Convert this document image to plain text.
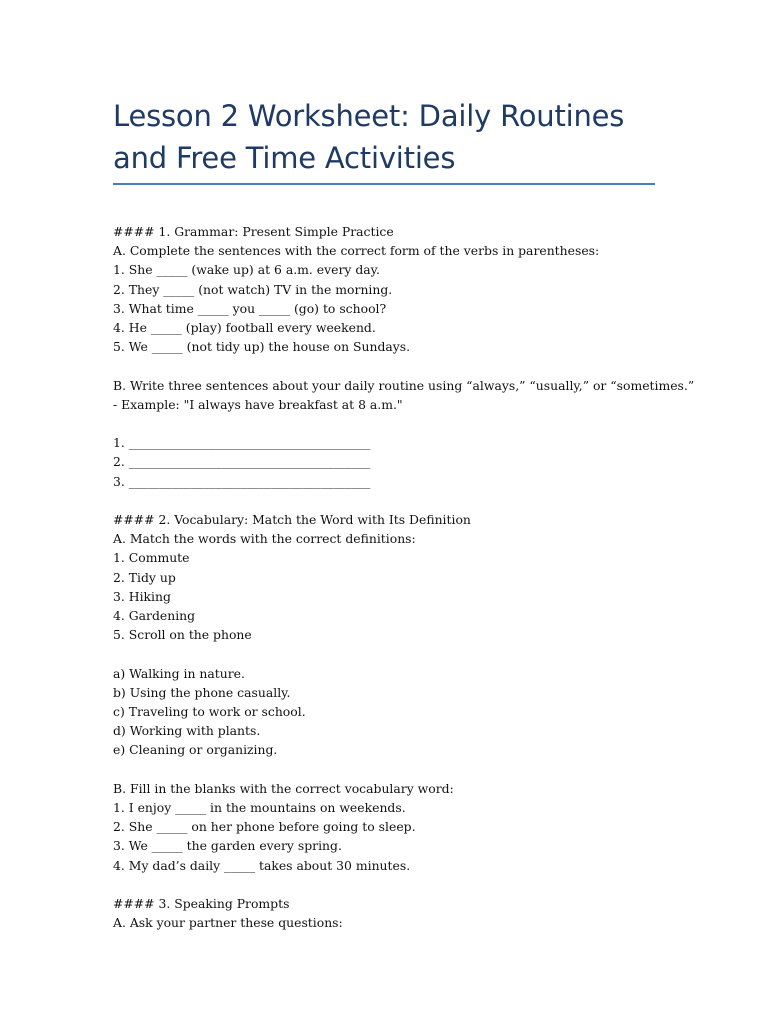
Lesson 2 Worksheet: Daily Routines and Free Time Activities
#### 1. Grammar: Present Simple Practice
A. Complete the sentences with the correct form of the verbs in parentheses:
1. She _____ (wake up) at 6 a.m. every day.
2. They _____ (not watch) TV in the morning.
3. What time _____ you _____ (go) to school?
4. He _____ (play) football every weekend.
5. We _____ (not tidy up) the house on Sundays.
B. Write three sentences about your daily routine using “always,” “usually,” or “sometimes.”
- Example: "I always have breakfast at 8 a.m."
1. _______________________________________
2. _______________________________________
3. _______________________________________
#### 2. Vocabulary: Match the Word with Its Definition
A. Match the words with the correct definitions:
1. Commute
2. Tidy up
3. Hiking
4. Gardening
5. Scroll on the phone
a) Walking in nature.
b) Using the phone casually.
c) Traveling to work or school.
d) Working with plants.
e) Cleaning or organizing.
B. Fill in the blanks with the correct vocabulary word:
1. I enjoy _____ in the mountains on weekends.
2. She _____ on her phone before going to sleep.
3. We _____ the garden every spring.
4. My dad’s daily _____ takes about 30 minutes.
#### 3. Speaking Prompts
A. Ask your partner these questions:
